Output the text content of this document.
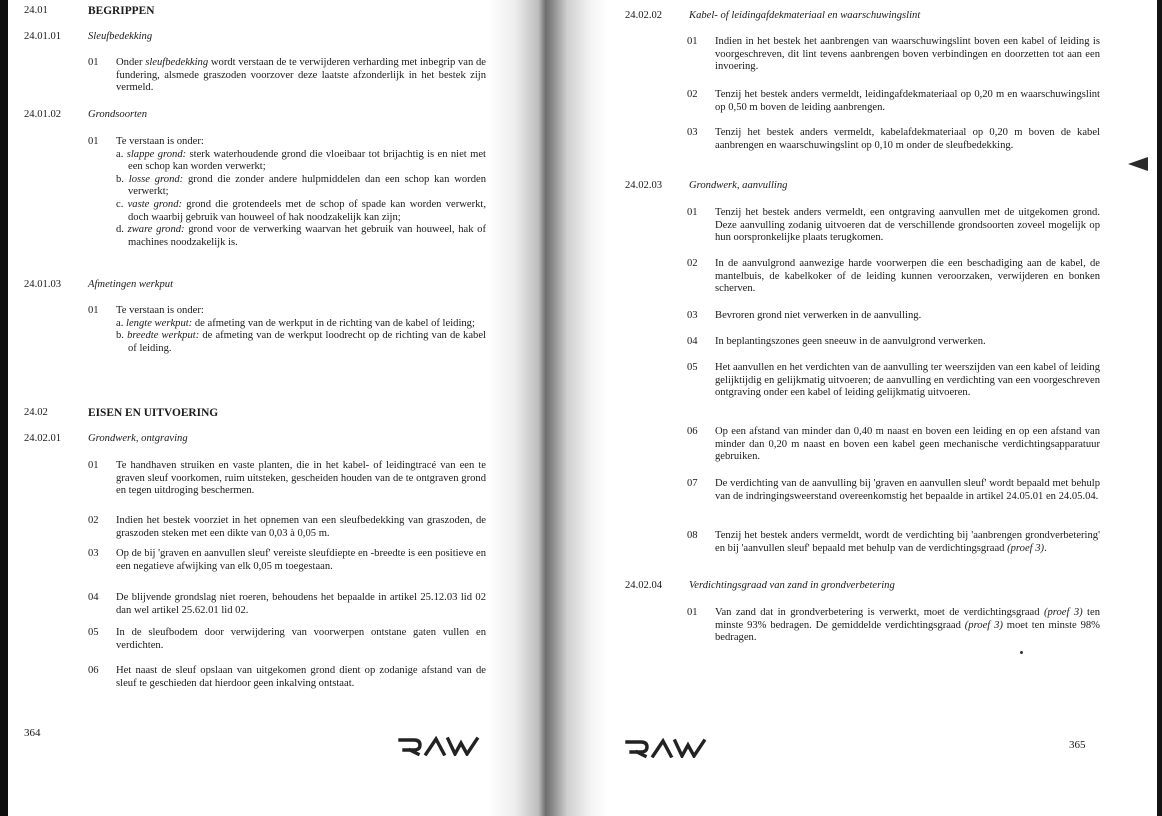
24.01	BEGRIPPEN
24.01.01	Sleufbedekking
01	Onder sleufbedekking wordt verstaan de te verwijderen verharding met inbegrip van de fundering, alsmede graszoden voorzover deze laatste afzonderlijk in het bestek zijn vermeld.
24.01.02	Grondsoorten
01	Te verstaan is onder:
a. slappe grond: sterk waterhoudende grond die vloeibaar tot brijachtig is en niet met een schop kan worden verwerkt;
b. losse grond: grond die zonder andere hulpmiddelen dan een schop kan worden verwerkt;
c. vaste grond: grond die grotendeels met de schop of spade kan worden verwerkt, doch waarbij gebruik van houweel of hak noodzakelijk kan zijn;
d. zware grond: grond voor de verwerking waarvan het gebruik van houweel, hak of machines noodzakelijk is.
24.01.03	Afmetingen werkput
01	Te verstaan is onder:
a. lengte werkput: de afmeting van de werkput in de richting van de kabel of leiding;
b. breedte werkput: de afmeting van de werkput loodrecht op de richting van de kabel of leiding.
24.02	EISEN EN UITVOERING
24.02.01	Grondwerk, ontgraving
01	Te handhaven struiken en vaste planten, die in het kabel- of leidingtracé van een te graven sleuf voorkomen, ruim uitsteken, gescheiden houden van de te ontgraven grond en tegen uitdroging beschermen.
02	Indien het bestek voorziet in het opnemen van een sleufbedekking van graszoden, de graszoden steken met een dikte van 0,03 à 0,05 m.
03	Op de bij 'graven en aanvullen sleuf' vereiste sleufdiepte en -breedte is een positieve en een negatieve afwijking van elk 0,05 m toegestaan.
04	De blijvende grondslag niet roeren, behoudens het bepaalde in artikel 25.12.03 lid 02 dan wel artikel 25.62.01 lid 02.
05	In de sleufbodem door verwijdering van voorwerpen ontstane gaten vullen en verdichten.
06	Het naast de sleuf opslaan van uitgekomen grond dient op zodanige afstand van de sleuf te geschieden dat hierdoor geen inkalving ontstaat.
364
24.02.02	Kabel- of leidingafdekmateriaal en waarschuwingslint
01	Indien in het bestek het aanbrengen van waarschuwingslint boven een kabel of leiding is voorgeschreven, dit lint tevens aanbrengen boven verbindingen en doorzetten tot aan een invoering.
02	Tenzij het bestek anders vermeldt, leidingafdekmateriaal op 0,20 m en waarschuwingslint op 0,50 m boven de leiding aanbrengen.
03	Tenzij het bestek anders vermeldt, kabelafdekmateriaal op 0,20 m boven de kabel aanbrengen en waarschuwingslint op 0,10 m onder de sleufbedekking.
24.02.03	Grondwerk, aanvulling
01	Tenzij het bestek anders vermeldt, een ontgraving aanvullen met de uitgekomen grond. Deze aanvulling zodanig uitvoeren dat de verschillende grondsoorten zoveel mogelijk op hun oorspronkelijke plaats terugkomen.
02	In de aanvulgrond aanwezige harde voorwerpen die een beschadiging aan de kabel, de mantelbuis, de kabelkoker of de leiding kunnen veroorzaken, verwijderen en bonken scherven.
03	Bevroren grond niet verwerken in de aanvulling.
04	In beplantingszones geen sneeuw in de aanvulgrond verwerken.
05	Het aanvullen en het verdichten van de aanvulling ter weerszijden van een kabel of leiding gelijktijdig en gelijkmatig uitvoeren; de aanvulling en verdichting van een voorgeschreven ontgraving onder een kabel of leiding gelijkmatig uitvoeren.
06	Op een afstand van minder dan 0,40 m naast en boven een leiding en op een afstand van minder dan 0,20 m naast en boven een kabel geen mechanische verdichtingsapparatuur gebruiken.
07	De verdichting van de aanvulling bij 'graven en aanvullen sleuf' wordt bepaald met behulp van de indringingsweerstand overeenkomstig het bepaalde in artikel 24.05.01 en 24.05.04.
08	Tenzij het bestek anders vermeldt, wordt de verdichting bij 'aanbrengen grondverbetering' en bij 'aanvullen sleuf' bepaald met behulp van de verdichtingsgraad (proef 3).
24.02.04	Verdichtingsgraad van zand in grondverbetering
01	Van zand dat in grondverbetering is verwerkt, moet de verdichtingsgraad (proef 3) ten minste 93% bedragen. De gemiddelde verdichtingsgraad (proef 3) moet ten minste 98% bedragen.
365
